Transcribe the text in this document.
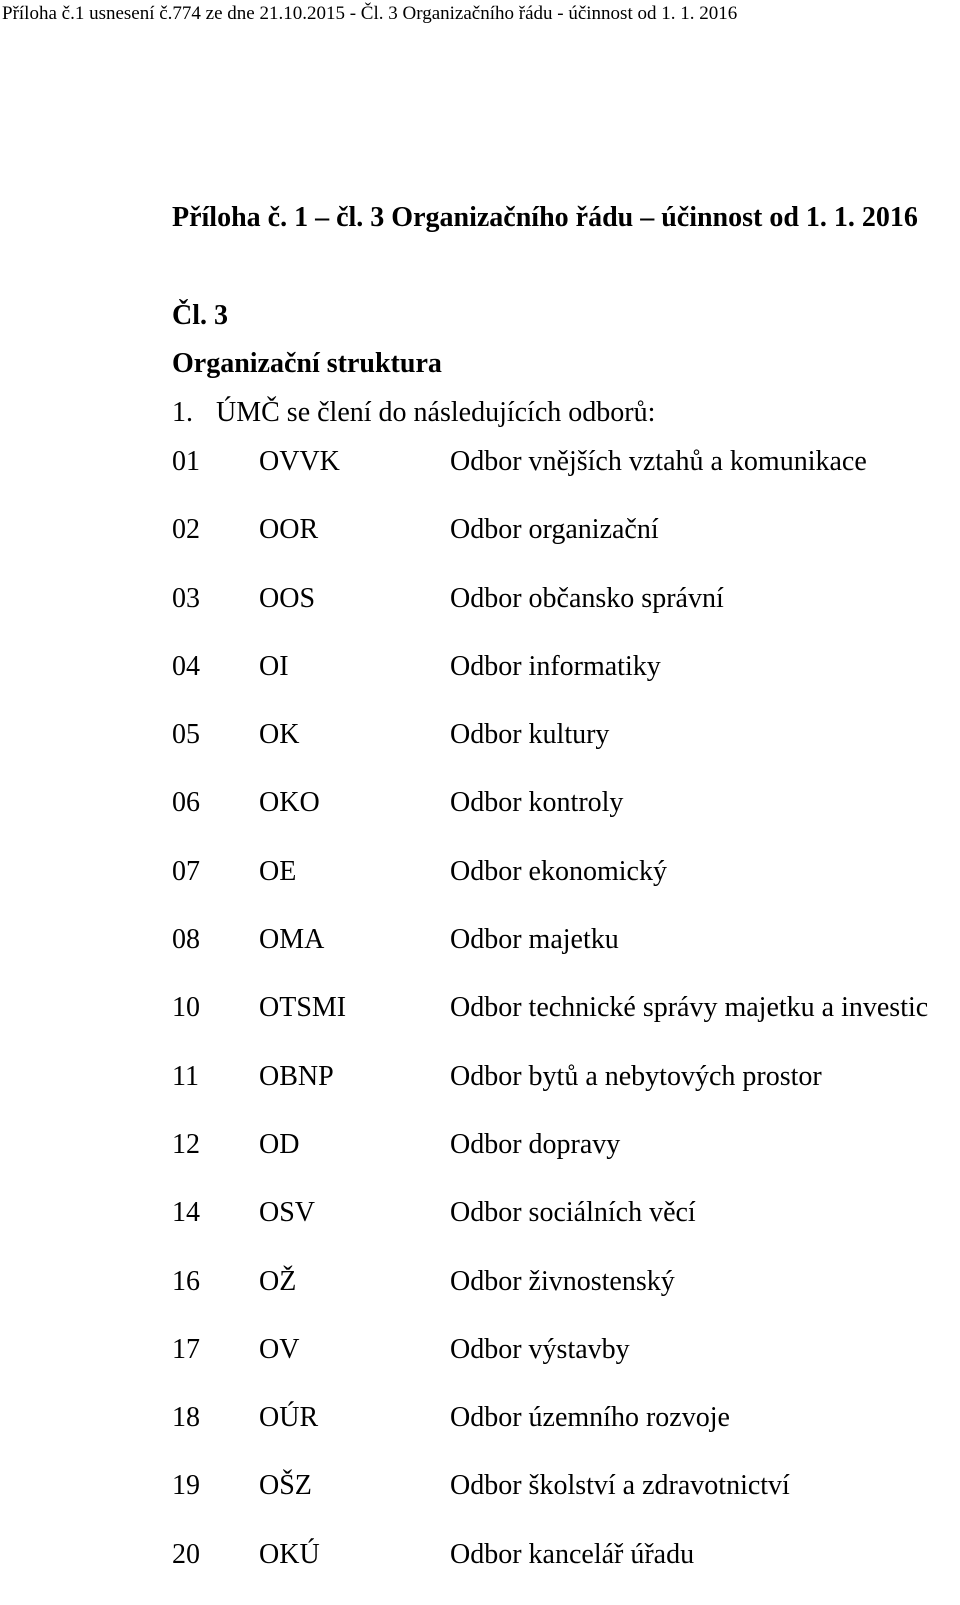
Příloha č.1 usnesení č.774 ze dne 21.10.2015 - Čl. 3 Organizačního řádu - účinnost od 1. 1. 2016
Příloha č. 1 – čl. 3 Organizačního řádu – účinnost od 1. 1. 2016
Čl. 3
Organizační struktura
1. ÚMČ se člení do následujících odborů:
01 OVVK	Odbor vnějších vztahů a komunikace
02 OOR	Odbor organizační
03 OOS	Odbor občansko správní
04 OI	Odbor informatiky
05 OK	Odbor kultury
06 OKO	Odbor kontroly
07 OE	Odbor ekonomický
08 OMA	Odbor majetku
10 OTSMI	Odbor technické správy majetku a investic
11 OBNP	Odbor bytů a nebytových prostor
12 OD	Odbor dopravy
14 OSV	Odbor sociálních věcí
16 OŽ	Odbor živnostenský
17 OV	Odbor výstavby
18 OÚR	Odbor územního rozvoje
19 OŠZ	Odbor školství a zdravotnictví
20 OKÚ	Odbor kancelář úřadu
